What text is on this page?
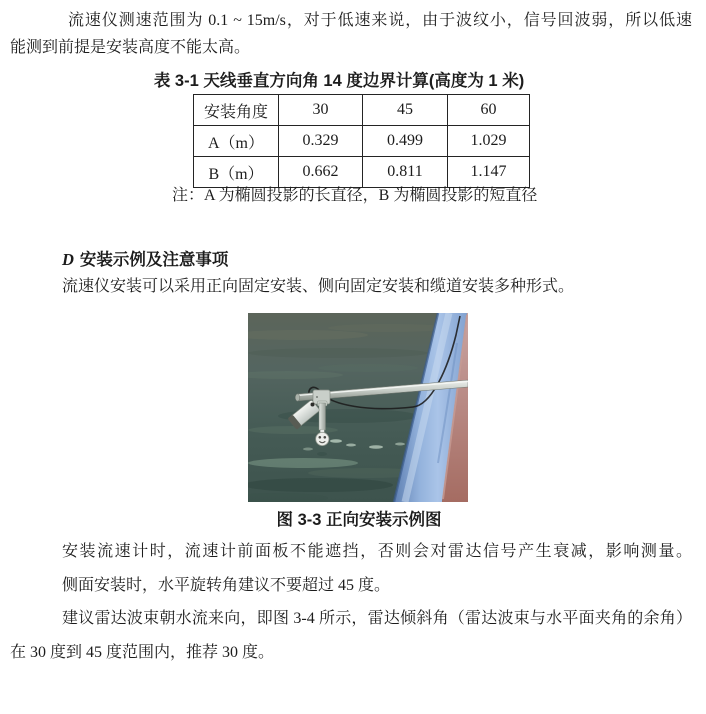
流速仪测速范围为 0.1 ~ 15m/s，对于低速来说，由于波纹小，信号回波弱，所以低速
能测到前提是安装高度不能太高。
表 3-1 天线垂直方向角 14 度边界计算(高度为 1 米)
安装角度	30	45	60
A（m）	0.329	0.499	1.029
B（m）	0.662	0.811	1.147
注：A 为椭圆投影的长直径，B 为椭圆投影的短直径
D 安装示例及注意事项
流速仪安装可以采用正向固定安装、侧向固定安装和缆道安装多种形式。
图 3-3 正向安装示例图
安装流速计时，流速计前面板不能遮挡，否则会对雷达信号产生衰减，影响测量。
侧面安装时，水平旋转角建议不要超过 45 度。
建议雷达波束朝水流来向，即图 3-4 所示，雷达倾斜角（雷达波束与水平面夹角的余角）
在 30 度到 45 度范围内，推荐 30 度。
